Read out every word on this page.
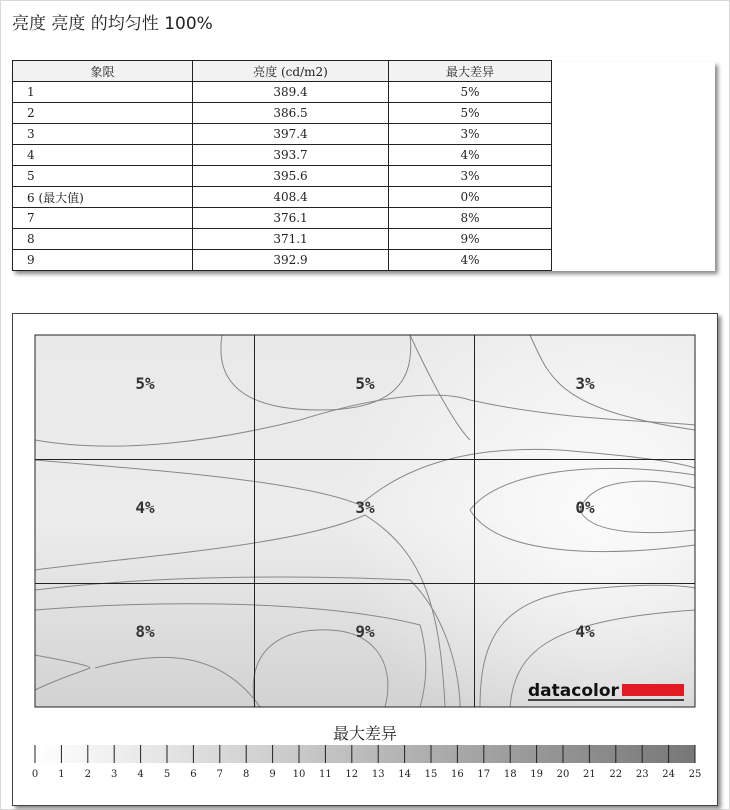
亮度 亮度 的均匀性 100%
象限	亮度 (cd/m2)	最大差异
1	389.4	5%
2	386.5	5%
3	397.4	3%
4	393.7	4%
5	395.6	3%
6 (最大值)	408.4	0%
7	376.1	8%
8	371.1	9%
9	392.9	4%
5%	5%	3%
4%	3%	0%
8%	9%	4%
datacolor
最大差异
0 1 2 3 4 5 6 7 8 9 10 11 12 13 14 15 16 17 18 19 20 21 22 23 24 25
